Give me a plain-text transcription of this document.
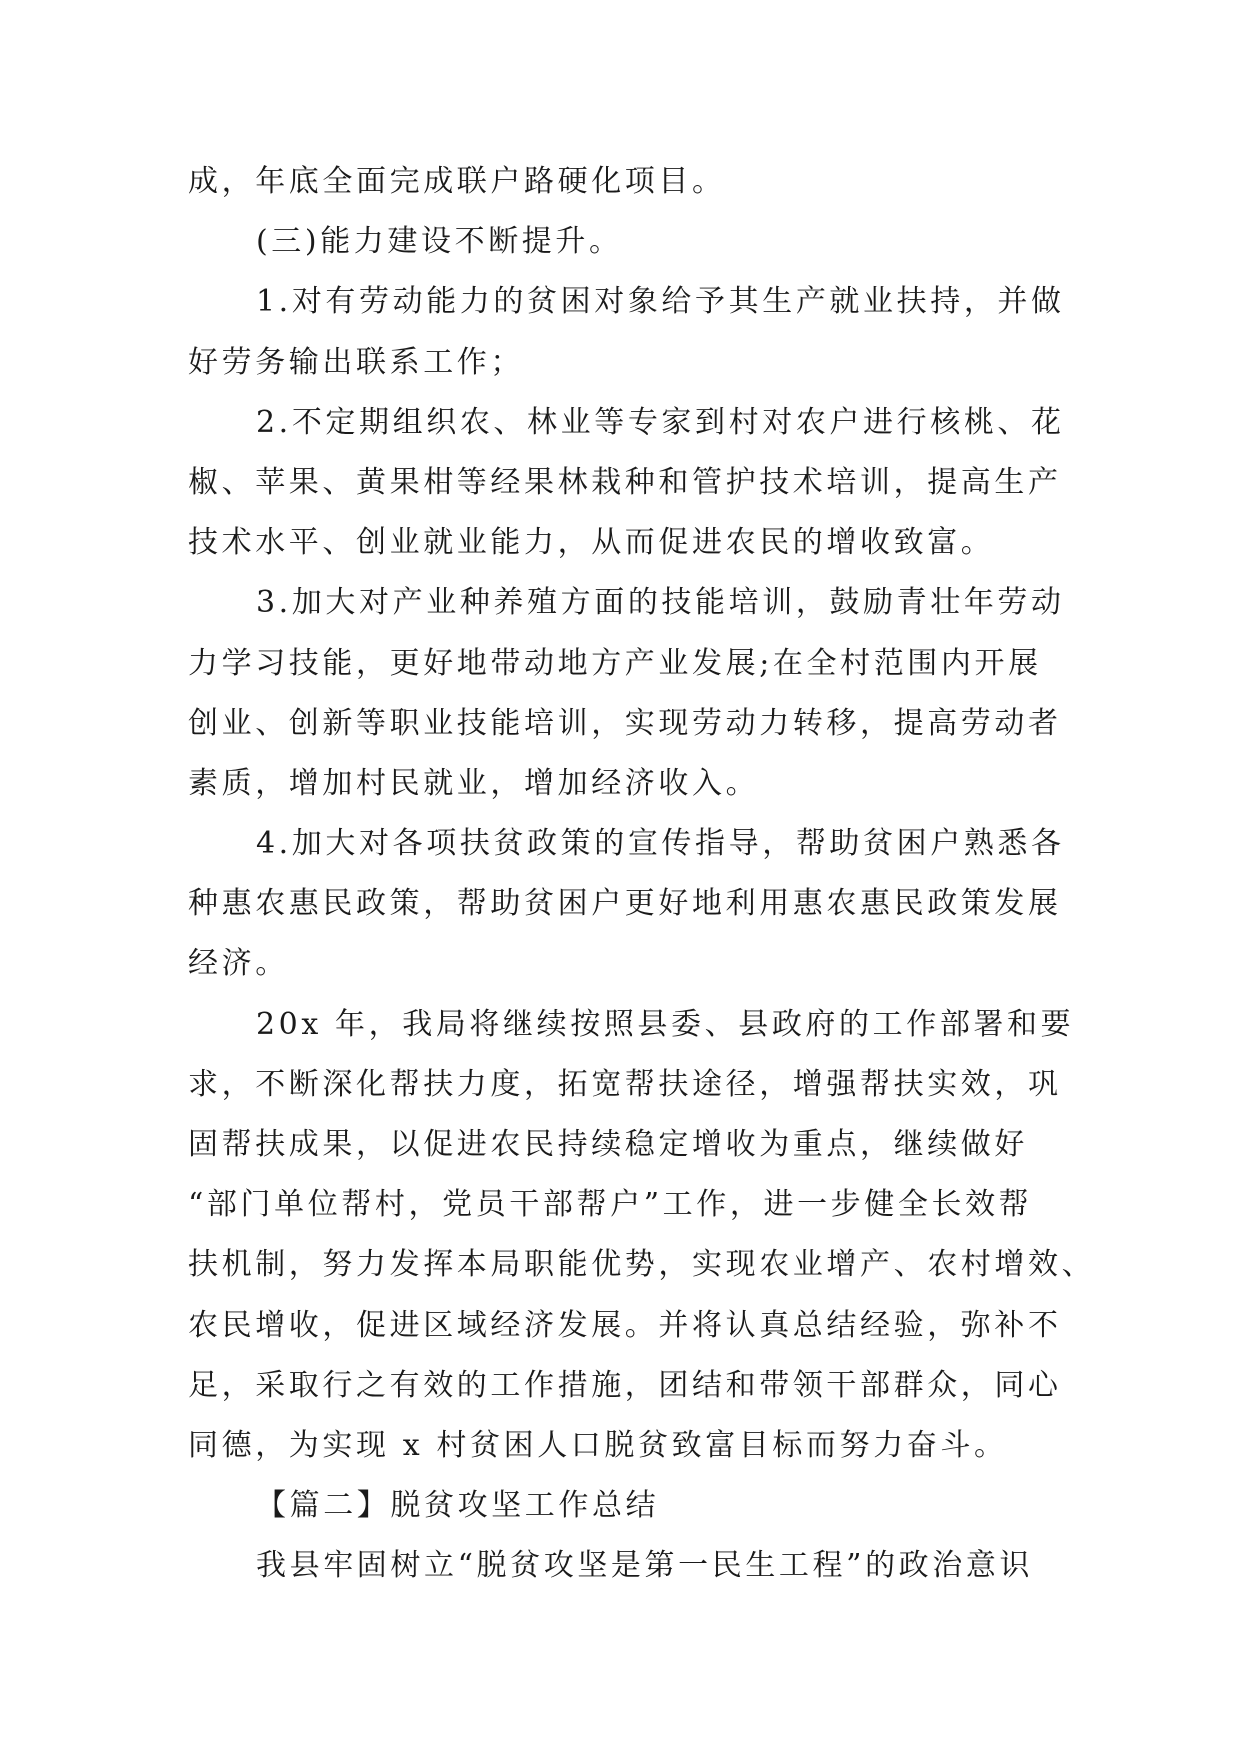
成，年底全面完成联户路硬化项目。
(三)能力建设不断提升。
1.对有劳动能力的贫困对象给予其生产就业扶持，并做
好劳务输出联系工作；
2.不定期组织农、林业等专家到村对农户进行核桃、花
椒、苹果、黄果柑等经果林栽种和管护技术培训，提高生产
技术水平、创业就业能力，从而促进农民的增收致富。
3.加大对产业种养殖方面的技能培训，鼓励青壮年劳动
力学习技能，更好地带动地方产业发展;在全村范围内开展
创业、创新等职业技能培训，实现劳动力转移，提高劳动者
素质，增加村民就业，增加经济收入。
4.加大对各项扶贫政策的宣传指导，帮助贫困户熟悉各
种惠农惠民政策，帮助贫困户更好地利用惠农惠民政策发展
经济。
20x 年，我局将继续按照县委、县政府的工作部署和要
求，不断深化帮扶力度，拓宽帮扶途径，增强帮扶实效，巩
固帮扶成果，以促进农民持续稳定增收为重点，继续做好
“部门单位帮村，党员干部帮户”工作，进一步健全长效帮
扶机制，努力发挥本局职能优势，实现农业增产、农村增效、
农民增收，促进区域经济发展。并将认真总结经验，弥补不
足，采取行之有效的工作措施，团结和带领干部群众，同心
同德，为实现 x 村贫困人口脱贫致富目标而努力奋斗。
【篇二】脱贫攻坚工作总结
我县牢固树立“脱贫攻坚是第一民生工程”的政治意识
